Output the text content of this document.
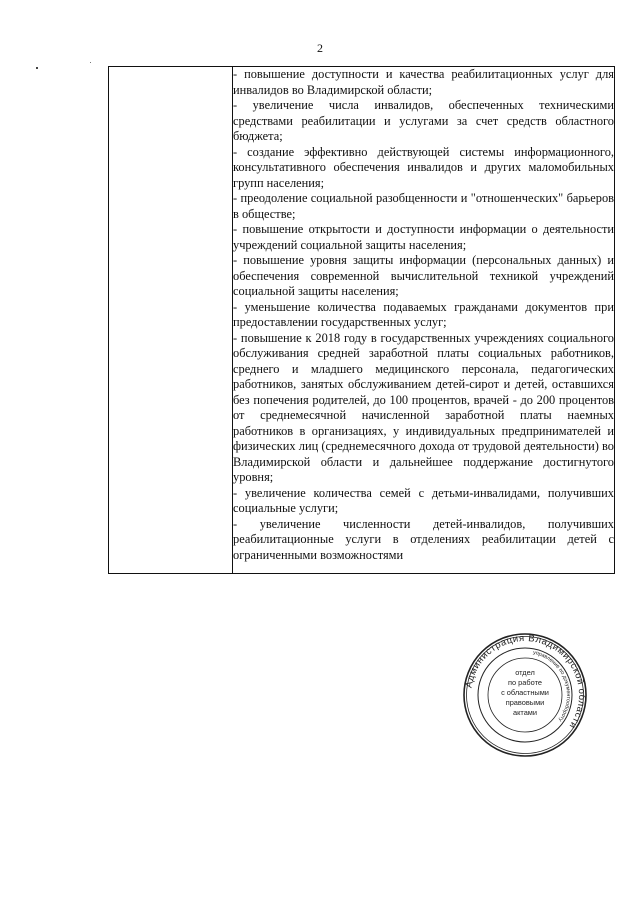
2

- повышение доступности и качества реабилитационных услуг для инвалидов во Владимирской области;
- увеличение числа инвалидов, обеспеченных техническими средствами реабилитации и услугами за счет средств областного бюджета;
- создание эффективно действующей системы информационного, консультативного обеспечения инвалидов и других маломобильных групп населения;
- преодоление социальной разобщенности и "отношенческих" барьеров в обществе;
- повышение открытости и доступности информации о деятельности учреждений социальной защиты населения;
- повышение уровня защиты информации (персональных данных) и обеспечения современной вычислительной техникой учреждений социальной защиты населения;
- уменьшение количества подаваемых гражданами документов при предоставлении государственных услуг;
- повышение к 2018 году в государственных учреждениях социального обслуживания средней заработной платы социальных работников, среднего и младшего медицинского персонала, педагогических работников, занятых обслуживанием детей-сирот и детей, оставшихся без попечения родителей, до 100 процентов, врачей - до 200 процентов от среднемесячной начисленной заработной платы наемных работников в организациях, у индивидуальных предпринимателей и физических лиц (среднемесячного дохода от трудовой деятельности) во Владимирской области и дальнейшее поддержание достигнутого уровня;
- увеличение количества семей с детьми-инвалидами, получивших социальные услуги;
- увеличение численности детей-инвалидов, получивших реабилитационные услуги в отделениях реабилитации детей с ограниченными возможностями
Администрация Владимирской области
управление по документообороту
отдел
по работе
с областными
правовыми
актами
